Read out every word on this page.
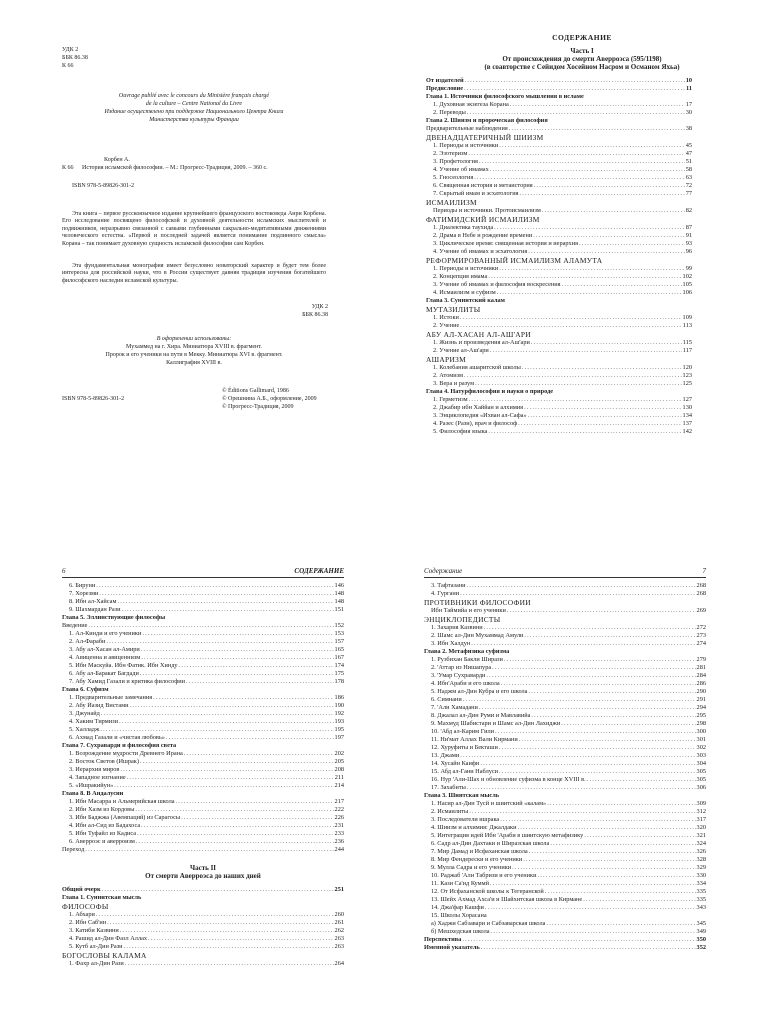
УДК 2
ББК 86.38
К 66
Ouvrage publié avec le concours du Ministère français chargé
de la culture – Centre National du Livre
Издание осуществлено при поддержке Национального Центра Книги
Министерства культуры Франции
Корбен А.
К 66 История исламской философии. – М.: Прогресс-Традиция, 2009. – 360 с.
ISBN 978-5-89826-301-2
Эта книга – первое русскоязычное издание крупнейшего французского востоковеда Анри Корбена. Его исследование посвящено философской и духовной деятельности исламских мыслителей и подвижников, неразрывно связанной с самыми глубинными сакрально-медитативными движениями человеческого естества. «Первой и последней задачей является понимание подлинного смысла» Корана – так понимает духовную сущность исламской философии сам Корбен.
Эта фундаментальная монография имеет безусловно новаторский характер и будет тем более интересна для российской науки, что в России существует давняя традиция изучения богатейшего философского наследия исламской культуры.
УДК 2
ББК 86.38
В оформлении использованы:
Мухаммед на г. Хира. Миниатюра XVIII в. фрагмент.
Пророк и его ученики на пути в Мекку. Миниатюра XVI в. фрагмент.
Каллиграфия XVIII в.
© Éditions Gallimard, 1986
ISBN 978-5-89826-301-2	© Орешнина А.Б., оформление, 2009
© Прогресс-Традиция, 2009
СОДЕРЖАНИЕ
Часть I
От происхождения до смерти Аверроэса (595/1198)
(в соавторстве с Сейидом Хосейном Насром и Османом Яхьа)
От издателей .....	10
Предисловие .....	11
Глава 1. Источники философского мышления в исламе
1. Духовная экзегеза Корана .....	17
2. Переводы .....	30
Глава 2. Шиизм и пророческая философия
Предварительные наблюдения .....	38
ДВЕНАДЦАТЕРИЧНЫЙ ШИИЗМ
1. Периоды и источники .....	45
2. Эзотеризм .....	47
3. Профетология .....	51
4. Учение об имамах .....	58
5. Гносеология .....	63
6. Священная история и метаистория .....	72
7. Скрытый имам и эсхатология .....	77
ИСМАИЛИЗМ
Периоды и источники. Протоисмаилизм .....	82
ФАТИМИДСКИЙ ИСМАИЛИЗМ
1. Диалектика таухида .....	87
2. Драма в Небе и рождение времени .....	91
3. Циклическое время: священная история и иерархия .....	93
4. Учение об имамах и эсхатология .....	96
РЕФОРМИРОВАННЫЙ ИСМАИЛИЗМ АЛАМУТА
1. Периоды и источники .....	99
2. Концепция имама .....	102
3. Учение об имамах и философия воскресения .....	105
4. Исмаилизм и суфизм .....	106
Глава 3. Суннитский калам
МУТАЗИЛИТЫ
1. Истоки .....	109
2. Учение .....	113
АБУ АЛ-ХАСАН АЛ-АШ'АРИ
1. Жизнь и произведения ал-Аш'ари .....	115
2. Учение ал-Аш'ари .....	117
АШАРИЗМ
1. Колебания ашаритской школы .....	120
2. Атомизм .....	123
3. Вера и разум .....	125
Глава 4. Натурфилософия и науки о природе
1. Герметизм .....	127
2. Джабир ибн Хаййан и алхимия .....	130
3. Энциклопедия «Ихван ал-Сафа» .....	134
4. Разес (Рази), врач и философ .....	137
5. Философия языка .....	142
6	СОДЕРЖАНИЕ
6. Бируни .....	146
7. Хорезми .....	148
8. Ибн ал-Хайсам .....	148
9. Шахмардан Рази .....	151
Глава 5. Эллинствующие философы
Введение .....	152
1. Ал-Кинди и его ученики .....	153
2. Ал-Фараби .....	157
3. Абу ал-Хасан ал-Амири .....	165
4. Авиценна и авиценнизм .....	167
5. Ибн Маскуйа. Ибн Фатик. Ибн Хинду .....	174
6. Абу ал-Баракат Багдади .....	175
7. Абу Хамид Газали и критика философии .....	178
Глава 6. Суфизм
1. Предварительные замечания .....	186
2. Абу Йазид Вистами .....	190
3. Джунайд .....	192
4. Хаким Тирмизи .....	193
5. Халладж .....	195
6. Ахмад Газали и «чистая любовь» .....	197
Глава 7. Сухраварди и философия света
1. Возрождение мудрости Древнего Ирана .....	202
2. Восток Светов (Ишрак) .....	205
3. Иерархия миров .....	208
4. Западное изгнание .....	211
5. «Ишракийун» .....	214
Глава 8. В Андалусии
1. Ибн Масарра и Альмерийская школа .....	217
2. Ибн Хазм из Кордовы .....	222
3. Ибн Баджжа (Авемпаций) из Сарагосы .....	226
4. Ибн ал-Сид из Бадахоса .....	231
5. Ибн Туфайл из Кадиса .....	233
6. Аверроэс и аверроизм .....	236
Переход .....	244
Часть II
От смерти Аверроэса до наших дней
Общий очерк .....	251
Глава 1. Суннитская мысль
ФИЛОСОФЫ
1. Абхари .....	260
2. Ибн Саб'ин .....	261
3. Катиби Казвини .....	262
4. Рашид ал-Дин Фазл Аллах .....	263
5. Кутб ал-Дин Рази .....	263
БОГОСЛОВЫ КАЛАМА
1. Фахр ал-Дин Рази .....	264
Содержание	7
3. Тафтазани .....	268
4. Гургани .....	268
ПРОТИВНИКИ ФИЛОСОФИИ
Ибн Таймийа и его ученики .....	269
ЭНЦИКЛОПЕДИСТЫ
1. Захария Казвини .....	272
2. Шамс ал-Дин Мухаммад Амули .....	273
3. Ибн Халдун .....	274
Глава 2. Метафизика суфизма
1. Рузбихан Бакли Ширази .....	279
2. 'Аттар из Нишапура .....	281
3. 'Умар Сухраварди .....	284
4. Ибн'Араби и его школа .....	286
5. Наджм ал-Дин Кубра и его школа .....	290
6. Симнани .....	291
7. 'Али Хамадани .....	294
8. Джалал ал-Дин Руми и Мавлавийа .....	295
9. Махмуд Шабистари и Шамс ал-Дин Лахиджи .....	298
10. 'Абд ал-Карим Гили .....	300
11. Ни'мат Аллах Вали Кирмани .....	301
12. Хуруфиты и Бекташи .....	302
13. Джами .....	303
14. Хусайн Каифи .....	304
15. Абд ал-Гани Наблуси .....	305
16. Нур 'Али-Шах и обновление суфизма в конце XVIII в. .....	305
17. Захабиты .....	306
Глава 3. Шиитская мысль
1. Насир ал-Дин Туcй и шиитский «калам» .....	309
2. Исмаилиты .....	312
3. Последователи ишрака .....	317
4. Шиизм и алхимия: Джалдаки .....	320
5. Интеграция идей Ибн 'Араби в шиитскую метафизику .....	321
6. Садр ал-Дин Дахтаки и Ширазская школа .....	324
7. Мир Дамад и Исфаханская школа .....	326
8. Мир Фендерески и его ученики .....	328
9. Мулла Садра и его ученики .....	329
10. Раджаб 'Али Табризи и его ученики .....	330
11. Кази Са'ид Куммй .....	334
12. От Исфаханской школы к Тегеранской .....	335
13. Шейх Ахмад Ахса'и и Шайхитская школа в Кирмане .....	335
14. Джа'фар Кашфи .....	343
15. Школы Хорасана
а) Хаджи Сабзавари и Сабзаварская школа .....	345
б) Мешхедская школа .....	349
Перспектива .....	350
Именной указатель .....	352
